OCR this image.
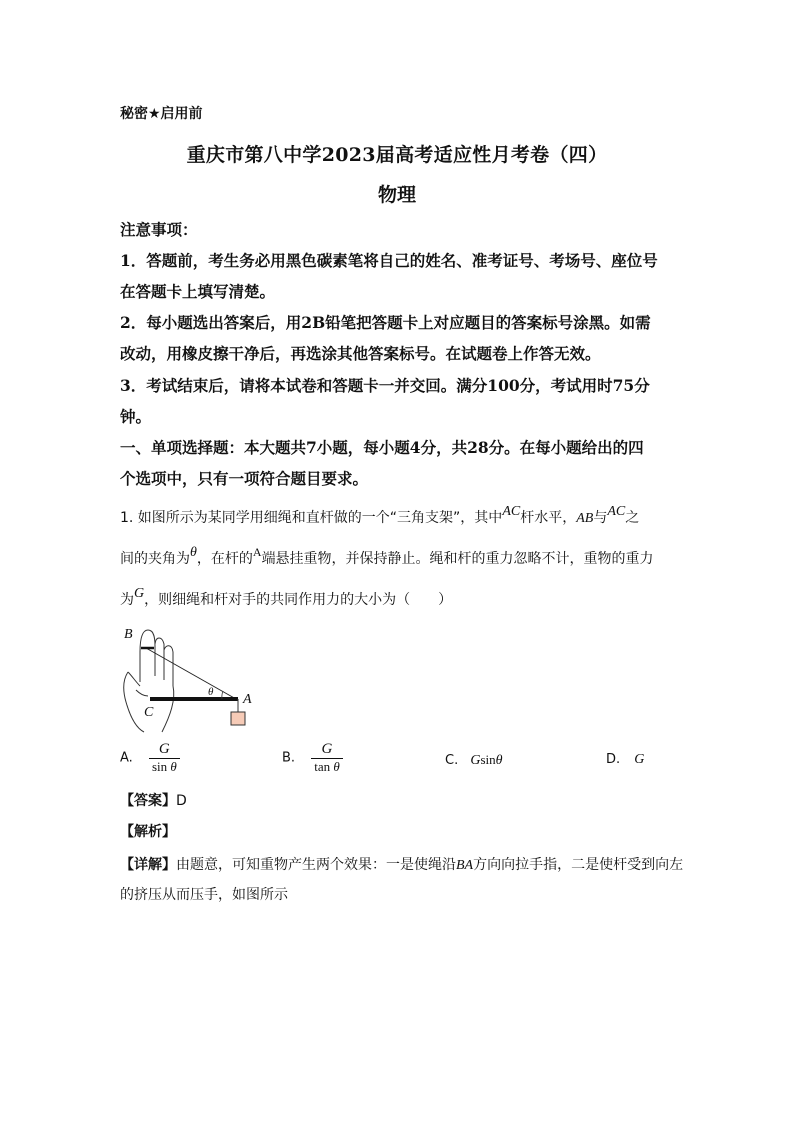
秘密★启用前
重庆市第八中学2023届高考适应性月考卷（四）
物理
注意事项：
1．答题前，考生务必用黑色碳素笔将自己的姓名、准考证号、考场号、座位号
在答题卡上填写清楚。
2．每小题选出答案后，用2B铅笔把答题卡上对应题目的答案标号涂黑。如需
改动，用橡皮擦干净后，再选涂其他答案标号。在试题卷上作答无效。
3．考试结束后，请将本试卷和答题卡一并交回。满分100分，考试用时75分
钟。
一、单项选择题：本大题共7小题，每小题4分，共28分。在每小题给出的四
个选项中，只有一项符合题目要求。
1. 如图所示为某同学用细绳和直杆做的一个“三角支架”，其中AC杆水平，AB与AC之
间的夹角为θ，在杆的A端悬挂重物，并保持静止。绳和杆的重力忽略不计，重物的重力
为G，则细绳和杆对手的共同作用力的大小为（　　）
B
C
A
θ
A. $\frac{G}{\text{sin θ}}$	B. $\frac{G}{\text{tan θ}}$	C. Gsinθ	D. G
【答案】D
【解析】
【详解】由题意，可知重物产生两个效果：一是使绳沿BA方向向拉手指，二是使杆受到向左
的挤压从而压手，如图所示
